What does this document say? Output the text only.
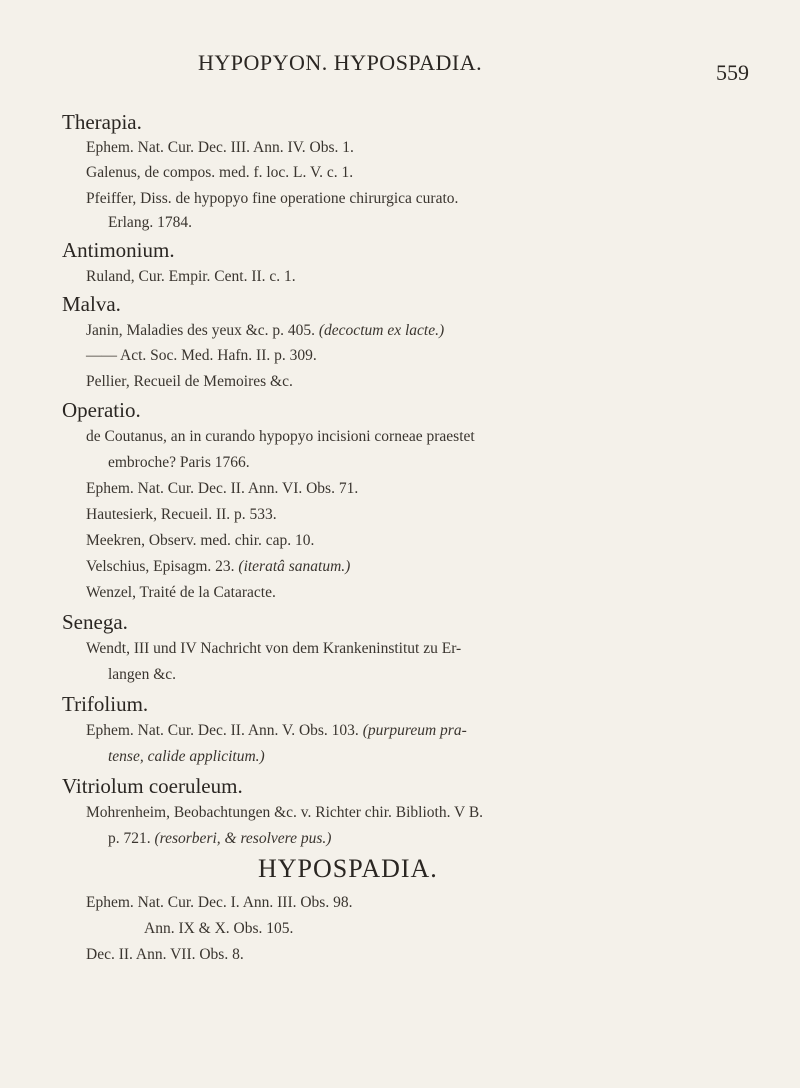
HYPOPYON. HYPOSPADIA.	559
Therapia.
Ephem. Nat. Cur. Dec. III. Ann. IV. Obs. 1.
Galenus, de compos. med. f. loc. L. V. c. 1.
Pfeiffer, Diss. de hypopyo fine operatione chirurgica curato.
Erlang. 1784.
Antimonium.
Ruland, Cur. Empir. Cent. II. c. 1.
Malva.
Janin, Maladies des yeux &c. p. 405. (decoctum ex lacte.)
—— Act. Soc. Med. Hafn. II. p. 309.
Pellier, Recueil de Memoires &c.
Operatio.
de Coutanus, an in curando hypopyo incisioni corneae praestet
embroche? Paris 1766.
Ephem. Nat. Cur. Dec. II. Ann. VI. Obs. 71.
Hautesierk, Recueil. II. p. 533.
Meekren, Observ. med. chir. cap. 10.
Velschius, Episagm. 23. (iteratâ sanatum.)
Wenzel, Traité de la Cataracte.
Senega.
Wendt, III und IV Nachricht von dem Krankeninstitut zu Er-
langen &c.
Trifolium.
Ephem. Nat. Cur. Dec. II. Ann. V. Obs. 103. (purpureum pra-
tense, calide applicitum.)
Vitriolum coeruleum.
Mohrenheim, Beobachtungen &c. v. Richter chir. Biblioth. V B.
p. 721. (resorberi, & resolvere pus.)
HYPOSPADIA.
Ephem. Nat. Cur. Dec. I. Ann. III. Obs. 98.
Ann. IX & X. Obs. 105.
Dec. II. Ann. VII. Obs. 8.
